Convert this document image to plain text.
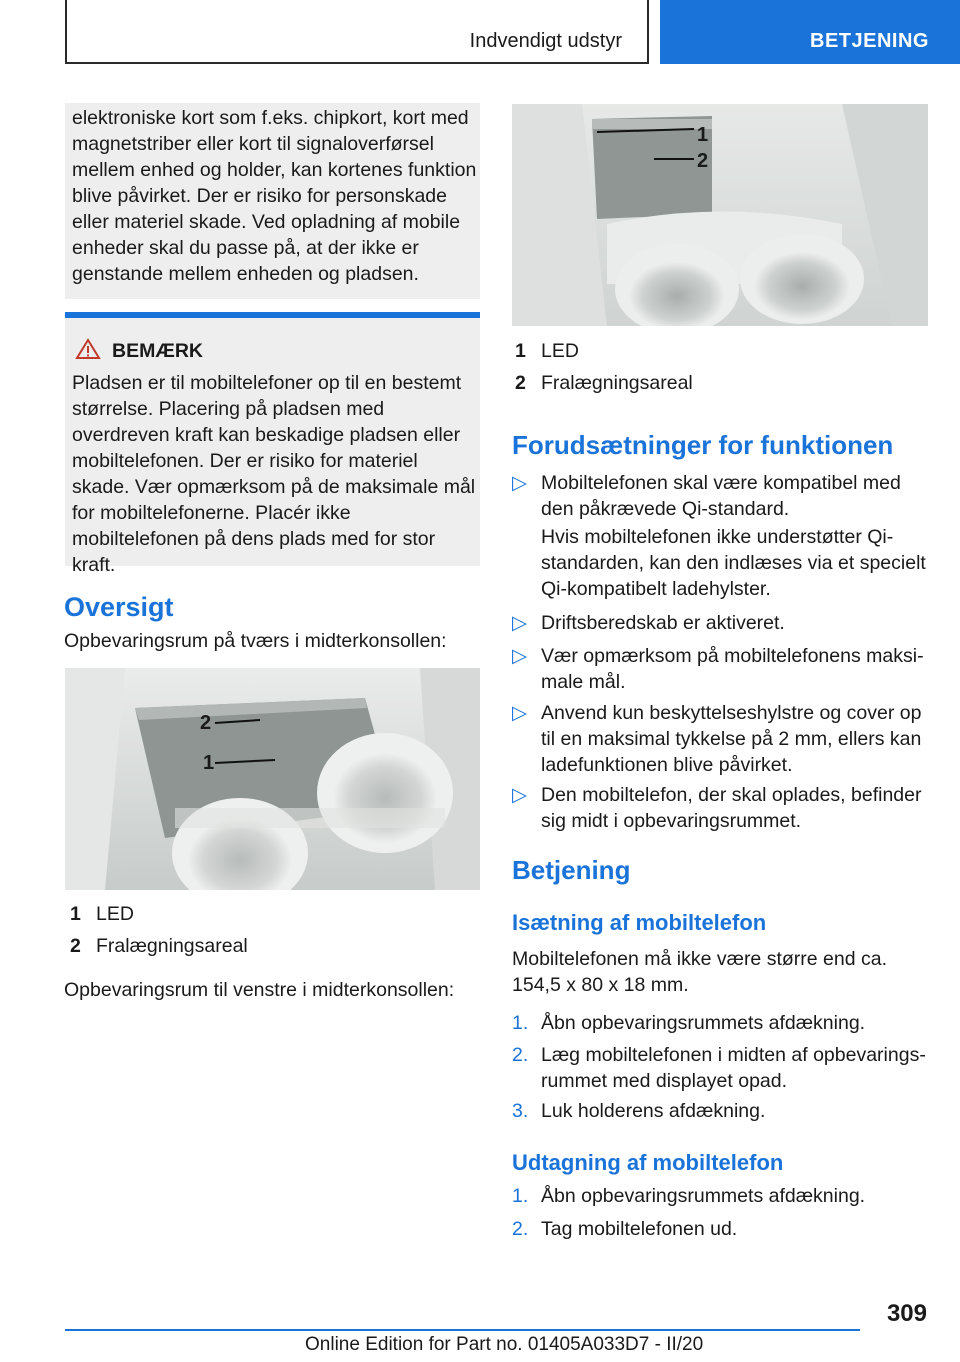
Indvendigt udstyr	BETJENING
elektroniske kort som f.eks. chipkort, kort med magnetstriber eller kort til signaloverførsel mellem enhed og holder, kan kortenes funktion blive påvirket. Der er risiko for personskade eller materiel skade. Ved opladning af mobile enheder skal du passe på, at der ikke er genstande mellem enheden og pladsen.
BEMÆRK
Pladsen er til mobiltelefoner op til en bestemt størrelse. Placering på pladsen med overdreven kraft kan beskadige pladsen eller mobiltelefonen. Der er risiko for materiel skade. Vær opmærksom på de maksimale mål for mobiltelefonerne. Placér ikke mobiltelefonen på dens plads med for stor kraft.
Oversigt
Opbevaringsrum på tværs i midterkonsollen:
2
1
1 LED
2 Fralægningsareal
Opbevaringsrum til venstre i midterkonsollen:
1
2
1 LED
2 Fralægningsareal
Forudsætninger for funktionen
▷ Mobiltelefonen skal være kompatibel med den påkrævede Qi-standard.
Hvis mobiltelefonen ikke understøtter Qi-standarden, kan den indlæses via et specielt Qi-kompatibelt ladehylster.
▷ Driftsberedskab er aktiveret.
▷ Vær opmærksom på mobiltelefonens maksimale mål.
▷ Anvend kun beskyttelseshylstre og cover op til en maksimal tykkelse på 2 mm, ellers kan ladefunktionen blive påvirket.
▷ Den mobiltelefon, der skal oplades, befinder sig midt i opbevaringsrummet.
Betjening
Isætning af mobiltelefon
Mobiltelefonen må ikke være større end ca. 154,5 x 80 x 18 mm.
1. Åbn opbevaringsrummets afdækning.
2. Læg mobiltelefonen i midten af opbevaringsrummet med displayet opad.
3. Luk holderens afdækning.
Udtagning af mobiltelefon
1. Åbn opbevaringsrummets afdækning.
2. Tag mobiltelefonen ud.
309
Online Edition for Part no. 01405A033D7 - II/20
